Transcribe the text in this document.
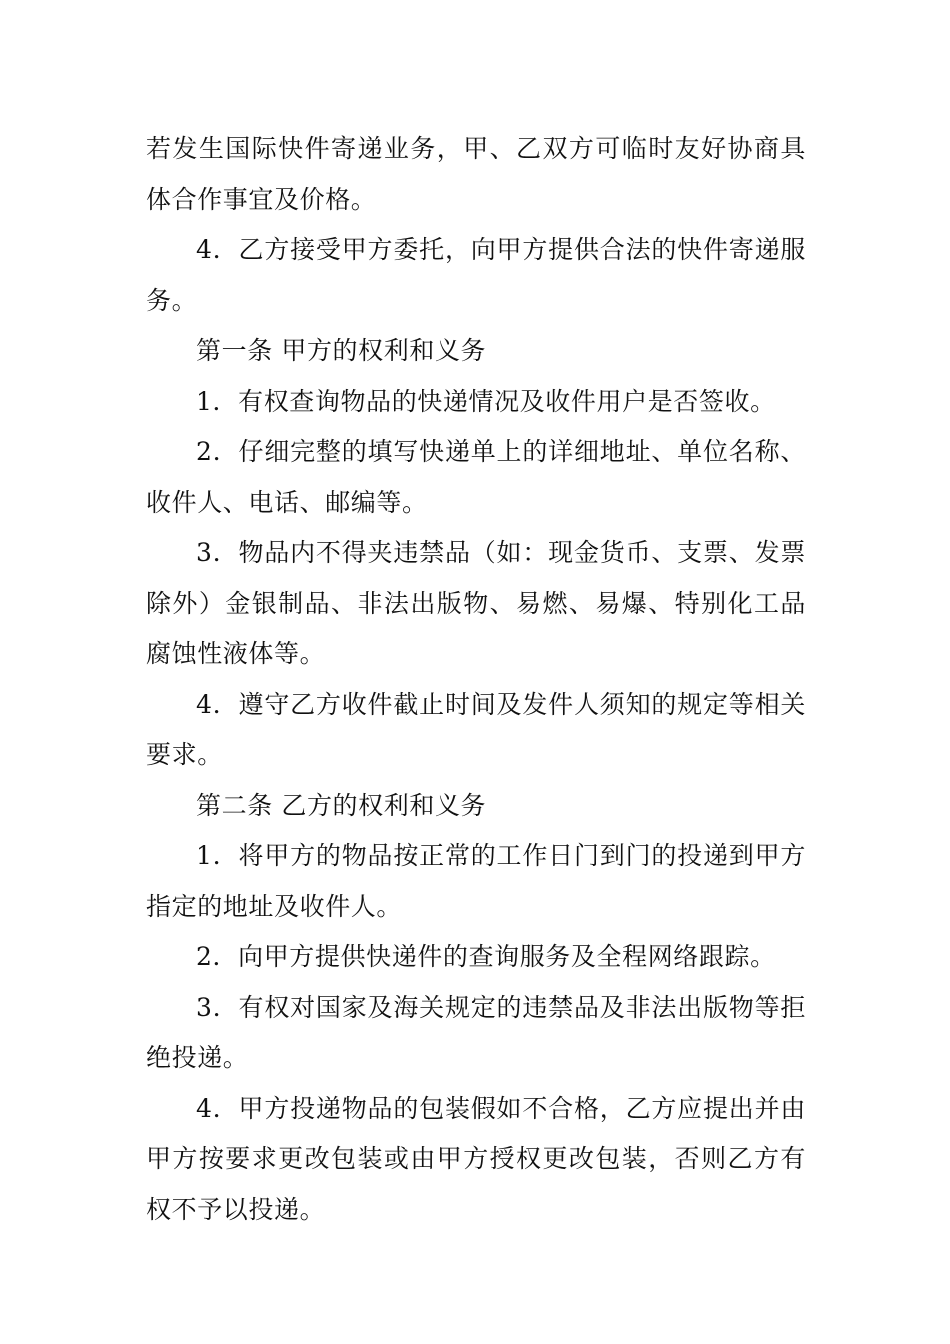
若发生国际快件寄递业务，甲、乙双方可临时友好协商具体合作事宜及价格。

4．乙方接受甲方委托，向甲方提供合法的快件寄递服务。

第一条 甲方的权利和义务

1．有权查询物品的快递情况及收件用户是否签收。

2．仔细完整的填写快递单上的详细地址、单位名称、收件人、电话、邮编等。

3．物品内不得夹违禁品（如：现金货币、支票、发票除外）金银制品、非法出版物、易燃、易爆、特别化工品腐蚀性液体等。

4．遵守乙方收件截止时间及发件人须知的规定等相关要求。

第二条 乙方的权利和义务

1．将甲方的物品按正常的工作日门到门的投递到甲方指定的地址及收件人。

2．向甲方提供快递件的查询服务及全程网络跟踪。

3．有权对国家及海关规定的违禁品及非法出版物等拒绝投递。

4．甲方投递物品的包装假如不合格，乙方应提出并由甲方按要求更改包装或由甲方授权更改包装，否则乙方有权不予以投递。
